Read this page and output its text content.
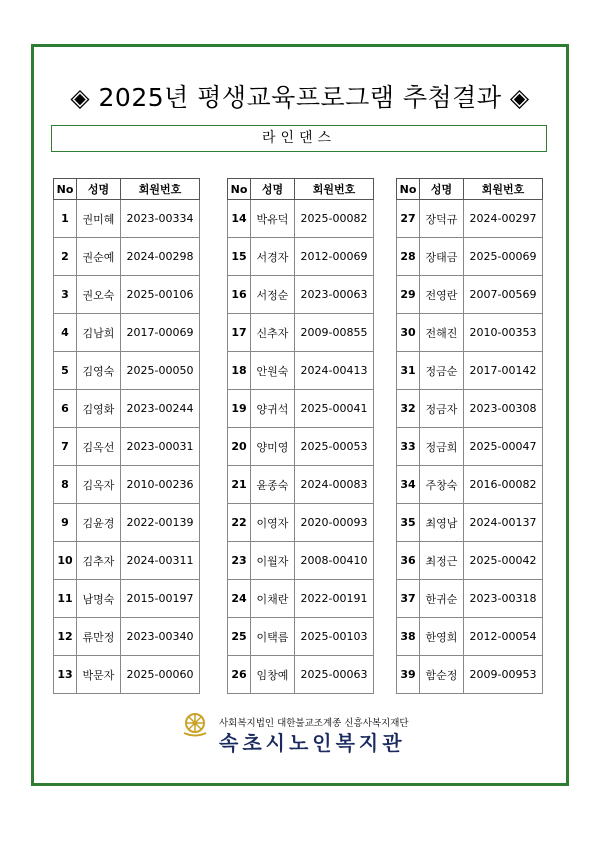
◈ 2025년 평생교육프로그램 추첨결과 ◈
라인댄스
No	성명	회원번호
1	권미혜	2023-00334
2	권순예	2024-00298
3	권오숙	2025-00106
4	김남희	2017-00069
5	김영숙	2025-00050
6	김영화	2023-00244
7	김옥선	2023-00031
8	김옥자	2010-00236
9	김윤경	2022-00139
10	김추자	2024-00311
11	남명숙	2015-00197
12	류만정	2023-00340
13	박문자	2025-00060
No	성명	회원번호
14	박유덕	2025-00082
15	서경자	2012-00069
16	서정순	2023-00063
17	신추자	2009-00855
18	안원숙	2024-00413
19	양귀석	2025-00041
20	양미영	2025-00053
21	윤종숙	2024-00083
22	이영자	2020-00093
23	이월자	2008-00410
24	이채란	2022-00191
25	이택름	2025-00103
26	임창예	2025-00063
No	성명	회원번호
27	장덕규	2024-00297
28	장태금	2025-00069
29	전영란	2007-00569
30	전해진	2010-00353
31	정금순	2017-00142
32	정금자	2023-00308
33	정금희	2025-00047
34	주창숙	2016-00082
35	최영남	2024-00137
36	최정근	2025-00042
37	한귀순	2023-00318
38	한영희	2012-00054
39	함순정	2009-00953
사회복지법인 대한불교조계종 신흥사복지재단
속초시노인복지관
